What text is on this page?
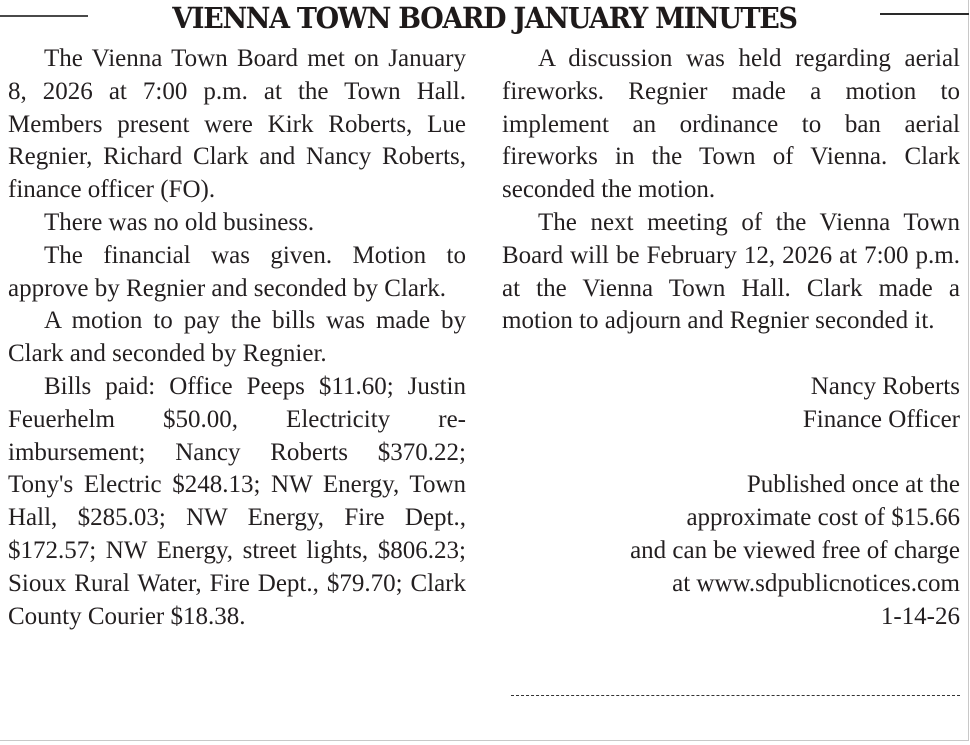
VIENNA TOWN BOARD JANUARY MINUTES

The Vienna Town Board met on January 8, 2026 at 7:00 p.m. at the Town Hall. Members present were Kirk Roberts, Lue Regnier, Richard Clark and Nancy Roberts, finance officer (FO).

There was no old business.

The financial was given. Motion to approve by Regnier and seconded by Clark.

A motion to pay the bills was made by Clark and seconded by Regnier.

Bills paid: Office Peeps $11.60; Justin Feuerhelm $50.00, Electricity reimbursement; Nancy Roberts $370.22; Tony's Electric $248.13; NW Energy, Town Hall, $285.03; NW Energy, Fire Dept., $172.57; NW Energy, street lights, $806.23; Sioux Rural Water, Fire Dept., $79.70; Clark County Courier $18.38.

A discussion was held regarding aerial fireworks. Regnier made a motion to implement an ordinance to ban aerial fireworks in the Town of Vienna. Clark seconded the motion.

The next meeting of the Vienna Town Board will be February 12, 2026 at 7:00 p.m. at the Vienna Town Hall. Clark made a motion to adjourn and Regnier seconded it.

Nancy Roberts

Finance Officer

Published once at the

approximate cost of $15.66

and can be viewed free of charge

at www.sdpublicnotices.com

1-14-26
